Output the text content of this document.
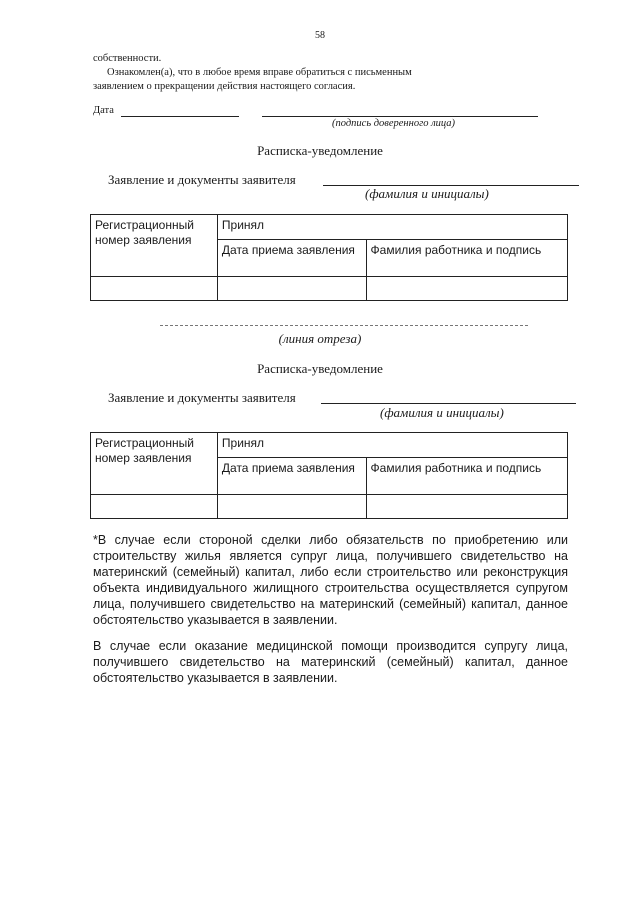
58
собственности.
Ознакомлен(а), что в любое время вправе обратиться с письменным
заявлением о прекращении действия настоящего согласия.
Дата
(подпись доверенного лица)
Расписка-уведомление
Заявление и документы заявителя
(фамилия и инициалы)
Регистрационный номер заявления	Принял	
	Дата приема заявления	Фамилия работника и подпись

(линия отреза)
Расписка-уведомление
Заявление и документы заявителя
(фамилия и инициалы)
Регистрационный номер заявления	Принял	
	Дата приема заявления	Фамилия работника и подпись

*В случае если стороной сделки либо обязательств по приобретению или строительству жилья является супруг лица, получившего свидетельство на материнский (семейный) капитал, либо если строительство или реконструкция объекта индивидуального жилищного строительства осуществляется супругом лица, получившего свидетельство на материнский (семейный) капитал, данное обстоятельство указывается в заявлении.
В случае если оказание медицинской помощи производится супругу лица, получившего свидетельство на материнский (семейный) капитал, данное обстоятельство указывается в заявлении.
